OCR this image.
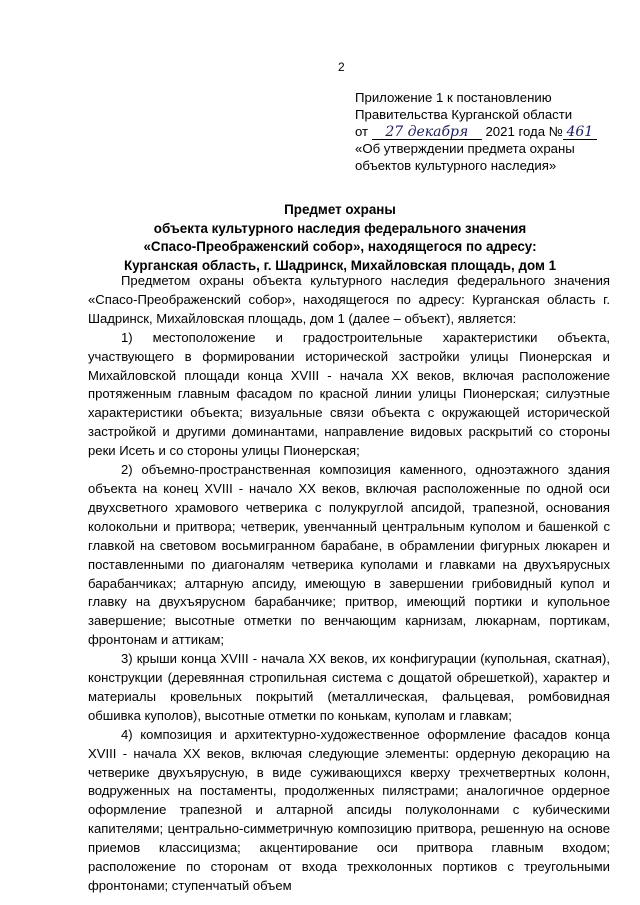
2
Приложение 1 к постановлению
Правительства Курганской области
от 27 декабря 2021 года № 461
«Об утверждении предмета охраны
объектов культурного наследия»
Предмет охраны
объекта культурного наследия федерального значения
«Спасо-Преображенский собор», находящегося по адресу:
Курганская область, г. Шадринск, Михайловская площадь, дом 1

Предметом охраны объекта культурного наследия федерального значения «Спасо-Преображенский собор», находящегося по адресу: Курганская область г. Шадринск, Михайловская площадь, дом 1 (далее – объект), является:

1) местоположение и градостроительные характеристики объекта, участвующего в формировании исторической застройки улицы Пионерская и Михайловской площади конца XVIII - начала XX веков, включая расположение протяженным главным фасадом по красной линии улицы Пионерская; силуэтные характеристики объекта; визуальные связи объекта с окружающей исторической застройкой и другими доминантами, направление видовых раскрытий со стороны реки Исеть и со стороны улицы Пионерская;

2) объемно-пространственная композиция каменного, одноэтажного здания объекта на конец XVIII - начало XX веков, включая расположенные по одной оси двухсветного храмового четверика с полукруглой апсидой, трапезной, основания колокольни и притвора; четверик, увенчанный центральным куполом и башенкой с главкой на световом восьмигранном барабане, в обрамлении фигурных люкарен и поставленными по диагоналям четверика куполами и главками на двухъярусных барабанчиках; алтарную апсиду, имеющую в завершении грибовидный купол и главку на двухъярусном барабанчике; притвор, имеющий портики и купольное завершение; высотные отметки по венчающим карнизам, люкарнам, портикам, фронтонам и аттикам;

3) крыши конца XVIII - начала XX веков, их конфигурации (купольная, скатная), конструкции (деревянная стропильная система с дощатой обрешеткой), характер и материалы кровельных покрытий (металлическая, фальцевая, ромбовидная обшивка куполов), высотные отметки по конькам, куполам и главкам;

4) композиция и архитектурно-художественное оформление фасадов конца XVIII - начала XX веков, включая следующие элементы: ордерную декорацию на четверике двухъярусную, в виде суживающихся кверху трехчетвертных колонн, водруженных на постаменты, продолженных пилястрами; аналогичное ордерное оформление трапезной и алтарной апсиды полуколоннами с кубическими капителями; центрально-симметричную композицию притвора, решенную на основе приемов классицизма; акцентирование оси притвора главным входом; расположение по сторонам от входа трехколонных портиков с треугольными фронтонами; ступенчатый объем
